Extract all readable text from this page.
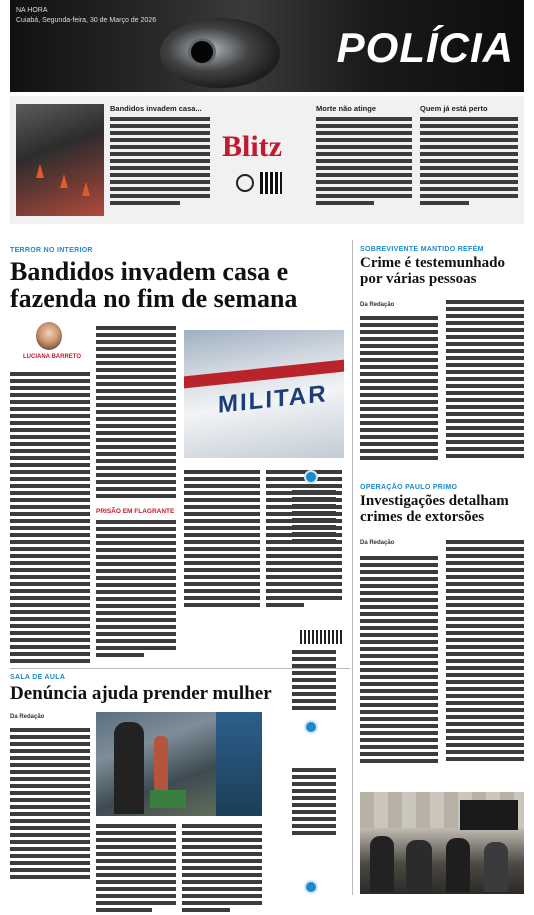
NA HORA
Cuiabá, Segunda-feira, 30 de Março de 2026
POLÍCIA
Bandidos invadem casa...
Blitz
Morte não atinge	Quem já está perto
TERROR NO INTERIOR
Bandidos invadem casa e fazenda no fim de semana
LUCIANA BARRETO
PRISÃO EM FLAGRANTE
MILITAR
SOBREVIVENTE MANTIDO REFÉM
Crime é testemunhado por várias pessoas
Da Redação
OPERAÇÃO PAULO PRIMO
Investigações detalham crimes de extorsões
Da Redação
SALA DE AULA
Denúncia ajuda prender mulher
Da Redação
